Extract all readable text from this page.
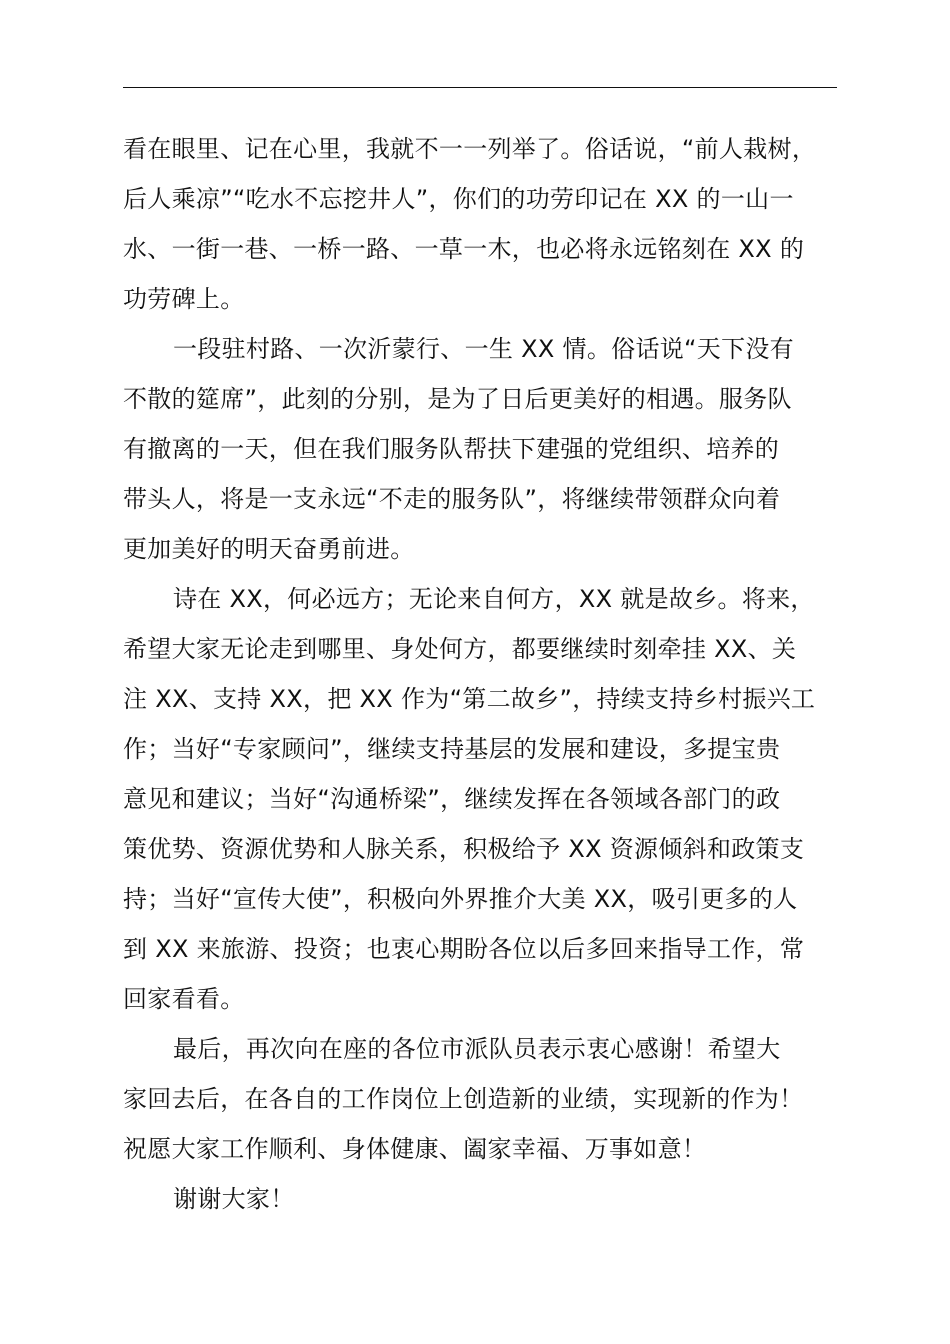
看在眼里、记在心里，我就不一一列举了。俗话说，“前人栽树，
后人乘凉”“吃水不忘挖井人”，你们的功劳印记在 XX 的一山一
水、一街一巷、一桥一路、一草一木，也必将永远铭刻在 XX 的
功劳碑上。
一段驻村路、一次沂蒙行、一生 XX 情。俗话说“天下没有
不散的筵席”，此刻的分别，是为了日后更美好的相遇。服务队
有撤离的一天，但在我们服务队帮扶下建强的党组织、培养的
带头人，将是一支永远“不走的服务队”，将继续带领群众向着
更加美好的明天奋勇前进。
诗在 XX，何必远方；无论来自何方，XX 就是故乡。将来，
希望大家无论走到哪里、身处何方，都要继续时刻牵挂 XX、关
注 XX、支持 XX，把 XX 作为“第二故乡”，持续支持乡村振兴工
作；当好“专家顾问”，继续支持基层的发展和建设，多提宝贵
意见和建议；当好“沟通桥梁”，继续发挥在各领域各部门的政
策优势、资源优势和人脉关系，积极给予 XX 资源倾斜和政策支
持；当好“宣传大使”，积极向外界推介大美 XX，吸引更多的人
到 XX 来旅游、投资；也衷心期盼各位以后多回来指导工作，常
回家看看。
最后，再次向在座的各位市派队员表示衷心感谢！希望大
家回去后，在各自的工作岗位上创造新的业绩，实现新的作为！
祝愿大家工作顺利、身体健康、阖家幸福、万事如意！
谢谢大家！
